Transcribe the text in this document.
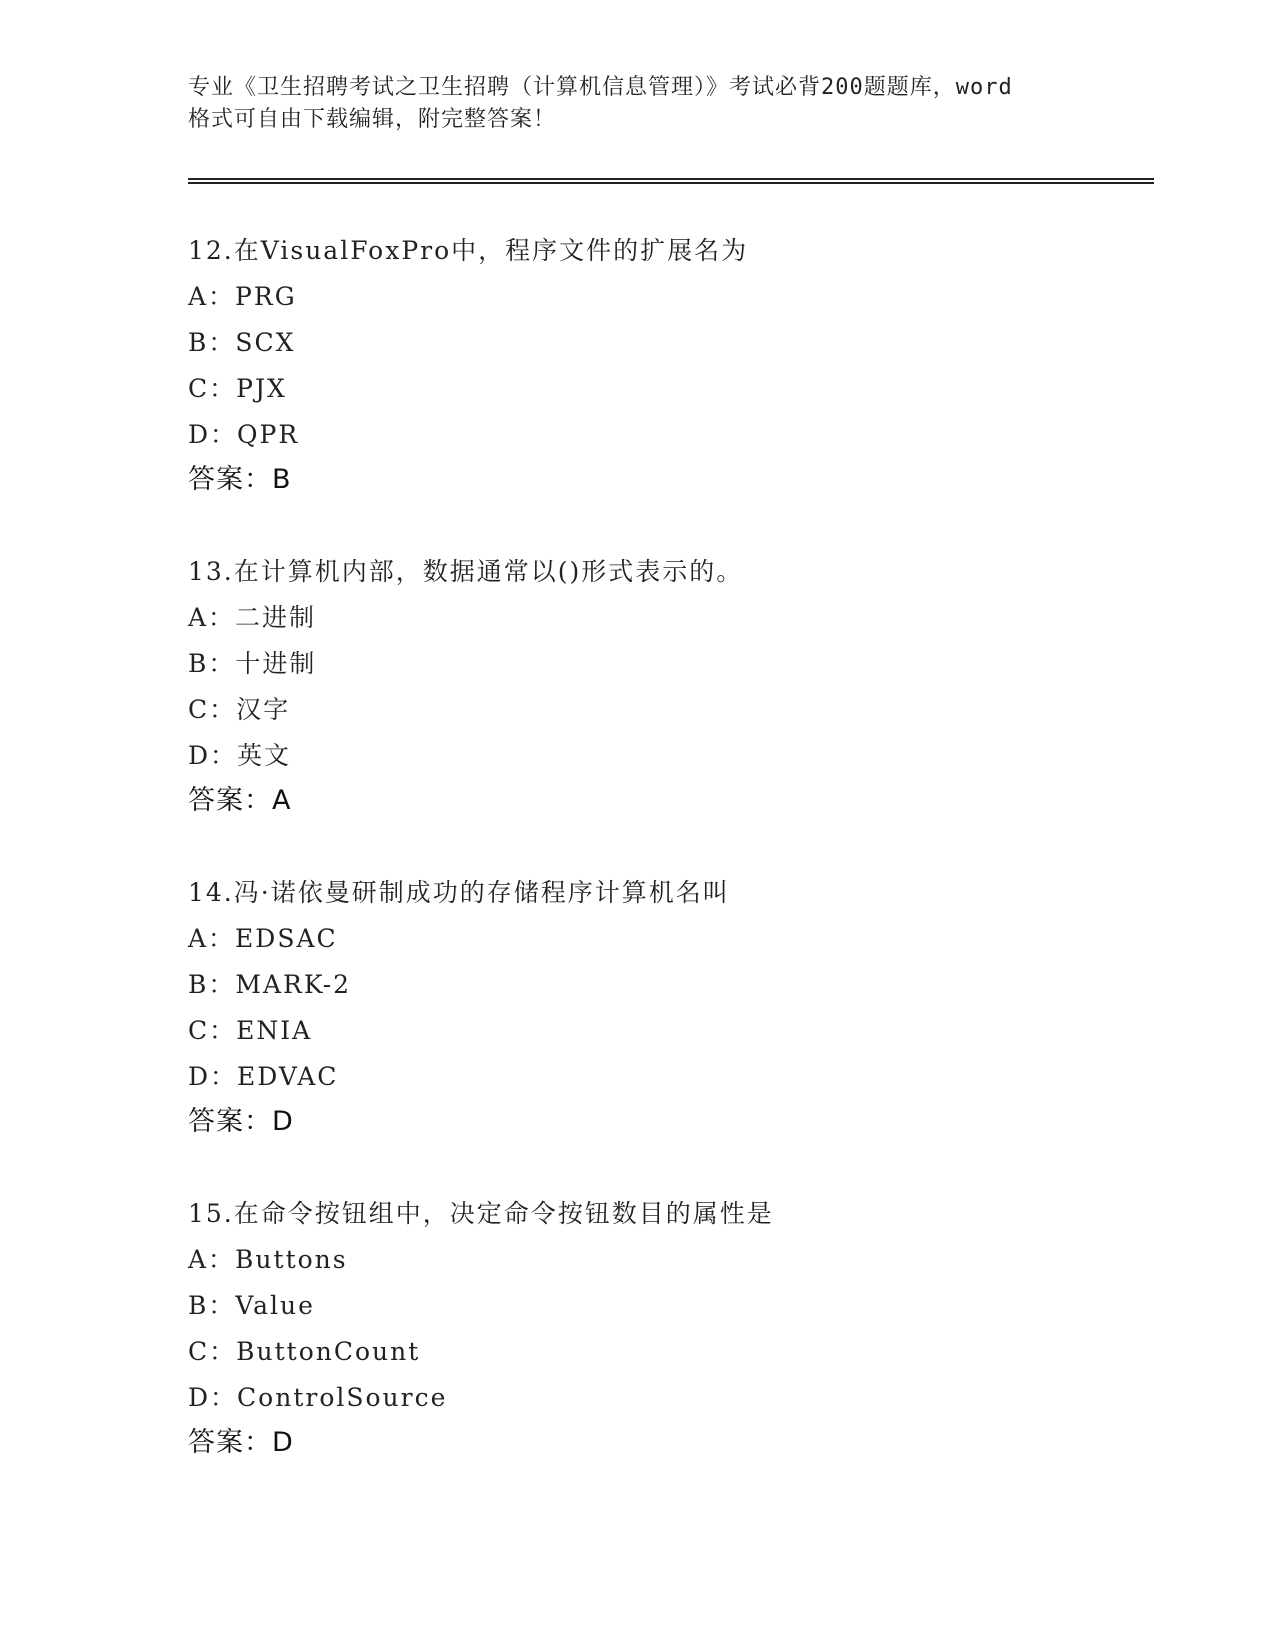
专业《卫生招聘考试之卫生招聘（计算机信息管理）》考试必背200题题库，word
格式可自由下载编辑，附完整答案！
12.在VisualFoxPro中，程序文件的扩展名为
A：PRG
B：SCX
C：PJX
D：QPR
答案：B
13.在计算机内部，数据通常以()形式表示的。
A：二进制
B：十进制
C：汉字
D：英文
答案：A
14.冯·诺依曼研制成功的存储程序计算机名叫
A：EDSAC
B：MARK-2
C：ENIA
D：EDVAC
答案：D
15.在命令按钮组中，决定命令按钮数目的属性是
A：Buttons
B：Value
C：ButtonCount
D：ControlSource
答案：D
